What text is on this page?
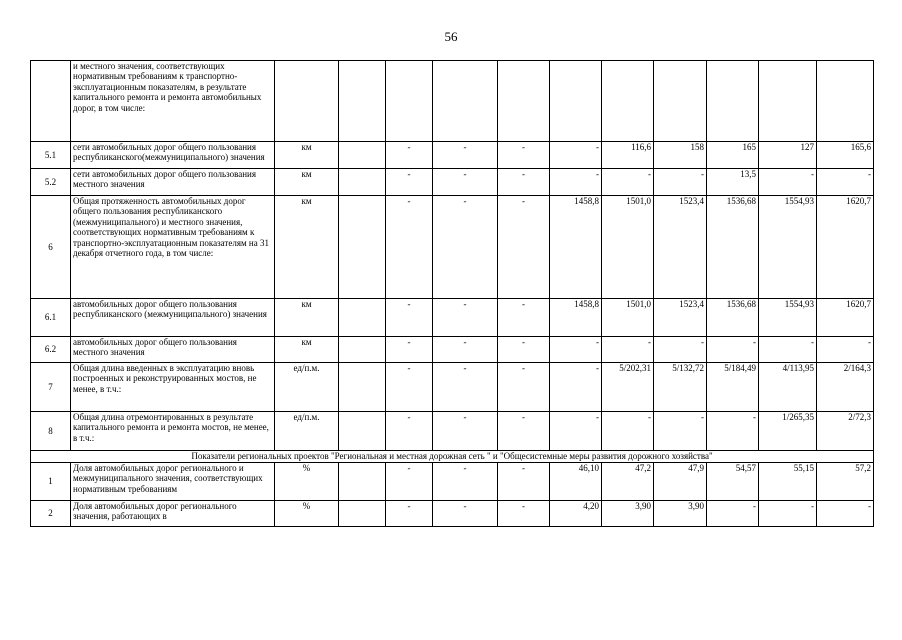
56
	и местного значения, соответствующих нормативным требованиям к транспортно-эксплуатационным показателям, в результате капитального ремонта и ремонта автомобильных дорог, в том числе:													
5.1	сети автомобильных дорог общего пользования республиканского(межмуниципального) значения	км		-	-	-	-	116,6	158	165	127	165,6	
5.2	сети автомобильных дорог общего пользования местного значения	км		-	-	-	-	-	-	13,5	-	-	
6	Общая протяженность автомобильных дорог общего пользования республиканского (межмуниципального) и местного значения, соответствующих нормативным требованиям к транспортно-эксплуатационным показателям на 31 декабря отчетного года, в том числе:	км		-	-	-	1458,8	1501,0	1523,4	1536,68	1554,93	1620,7	
6.1	автомобильных дорог общего пользования республиканского (межмуниципального) значения	км		-	-	-	1458,8	1501,0	1523,4	1536,68	1554,93	1620,7	
6.2	автомобильных дорог общего пользования местного значения	км		-	-	-	-	-	-	-	-	-	
7	Общая длина введенных в эксплуатацию вновь построенных и реконструированных мостов, не менее, в т.ч.:	ед/п.м.		-	-	-	-	5/202,31	5/132,72	5/184,49	4/113,95	2/164,3	
8	Общая длина отремонтированных в результате капитального ремонта и ремонта мостов, не менее, в т.ч.:	ед/п.м.		-	-	-	-	-	-	-	1/265,35	2/72,3	
Показатели региональных проектов "Региональная и местная дорожная сеть " и "Общесистемные меры развития дорожного хозяйства"													
1	Доля автомобильных дорог регионального и межмуниципального значения, соответствующих нормативным требованиям	%		-	-	-	46,10	47,2	47,9	54,57	55,15	57,2	
2	Доля автомобильных дорог регионального значения, работающих в	%		-	-	-	4,20	3,90	3,90	-	-	-	
